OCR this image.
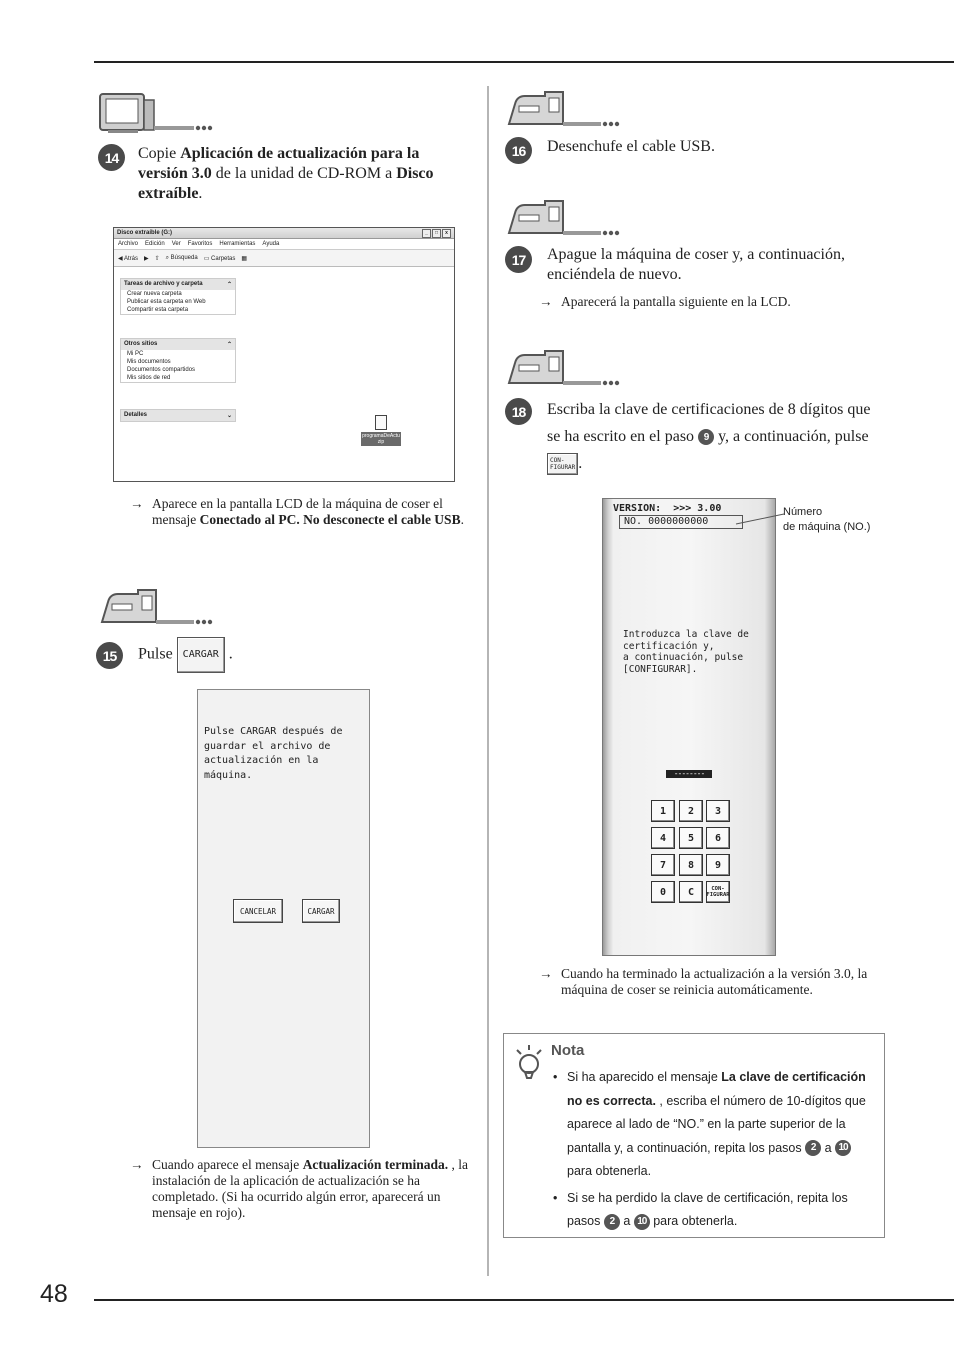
48
14	Copie Aplicación de actualización para la versión 3.0 de la unidad de CD-ROM a Disco extraíble.
Disco extraíble (G:)	_	□	x
Archivo Edición Ver Favoritos Herramientas Ayuda
◀ Atrás ▶ ⇧ ⌕ Búsqueda ▭ Carpetas ▦
Tareas de archivo y carpeta	⌃
Crear nueva carpeta
Publicar esta carpeta en Web
Compartir esta carpeta
Otros sitios	⌃
Mi PC
Mis documentos
Documentos compartidos
Mis sitios de red
Detalles	⌄
programaDeActu zip
→ Aparece en la pantalla LCD de la máquina de coser el mensaje Conectado al PC. No desconecte el cable USB.
15	Pulse CARGAR .
Pulse CARGAR después de
guardar el archivo de
actualización en la
máquina.
CANCELAR	CARGAR
→ Cuando aparece el mensaje Actualización terminada. , la instalación de la aplicación de actualización se ha completado. (Si ha ocurrido algún error, aparecerá un mensaje en rojo).
16	Desenchufe el cable USB.
17	Apague la máquina de coser y, a continuación, enciéndela de nuevo.
→ Aparecerá la pantalla siguiente en la LCD.
18	Escriba la clave de certificaciones de 8 dígitos que se ha escrito en el paso 9 y, a continuación, pulse CON-
FIGURAR .
VERSION:  >>> 3.00
NO. 0000000000
Introduzca la clave de
certificación y,
a continuación, pulse
[CONFIGURAR].
--------
1	2	3
4	5	6
7	8	9
0	C	CON-
FIGURAR
Número
de máquina (NO.)
→ Cuando ha terminado la actualización a la versión 3.0, la máquina de coser se reinicia automáticamente.
Nota
• Si ha aparecido el mensaje La clave de certificación no es correcta. , escriba el número de 10-dígitos que aparece al lado de “NO.” en la parte superior de la pantalla y, a continuación, repita los pasos 2 a 10 para obtenerla.
• Si se ha perdido la clave de certificación, repita los pasos 2 a 10 para obtenerla.
